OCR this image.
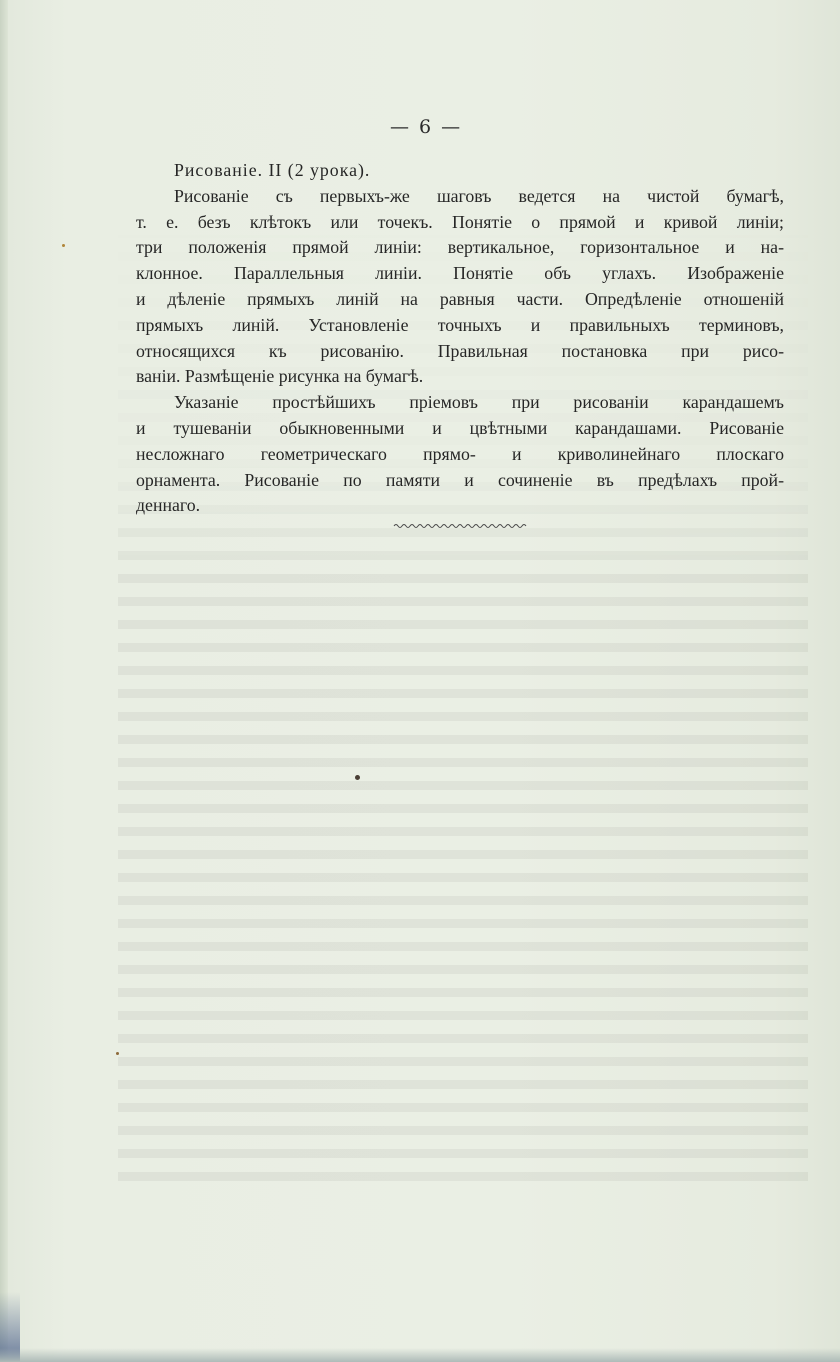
— 6 —
Рисованіе. II (2 урока).
Рисованіе съ первыхъ-же шаговъ ведется на чистой бумагѣ,
т. е. безъ клѣтокъ или точекъ. Понятіе о прямой и кривой линіи;
три положенія прямой линіи: вертикальное, горизонтальное и на-
клонное. Параллельныя линіи. Понятіе объ углахъ. Изображеніе
и дѣленіе прямыхъ линій на равныя части. Опредѣленіе отношеній
прямыхъ линій. Установленіе точныхъ и правильныхъ терминовъ,
относящихся къ рисованію. Правильная постановка при рисо-
ваніи. Размѣщеніе рисунка на бумагѣ.
Указаніе простѣйшихъ пріемовъ при рисованіи карандашемъ
и тушеваніи обыкновенными и цвѣтными карандашами. Рисованіе
несложнаго геометрическаго прямо- и криволинейнаго плоскаго
орнамента. Рисованіе по памяти и сочиненіе въ предѣлахъ прой-
деннаго.
